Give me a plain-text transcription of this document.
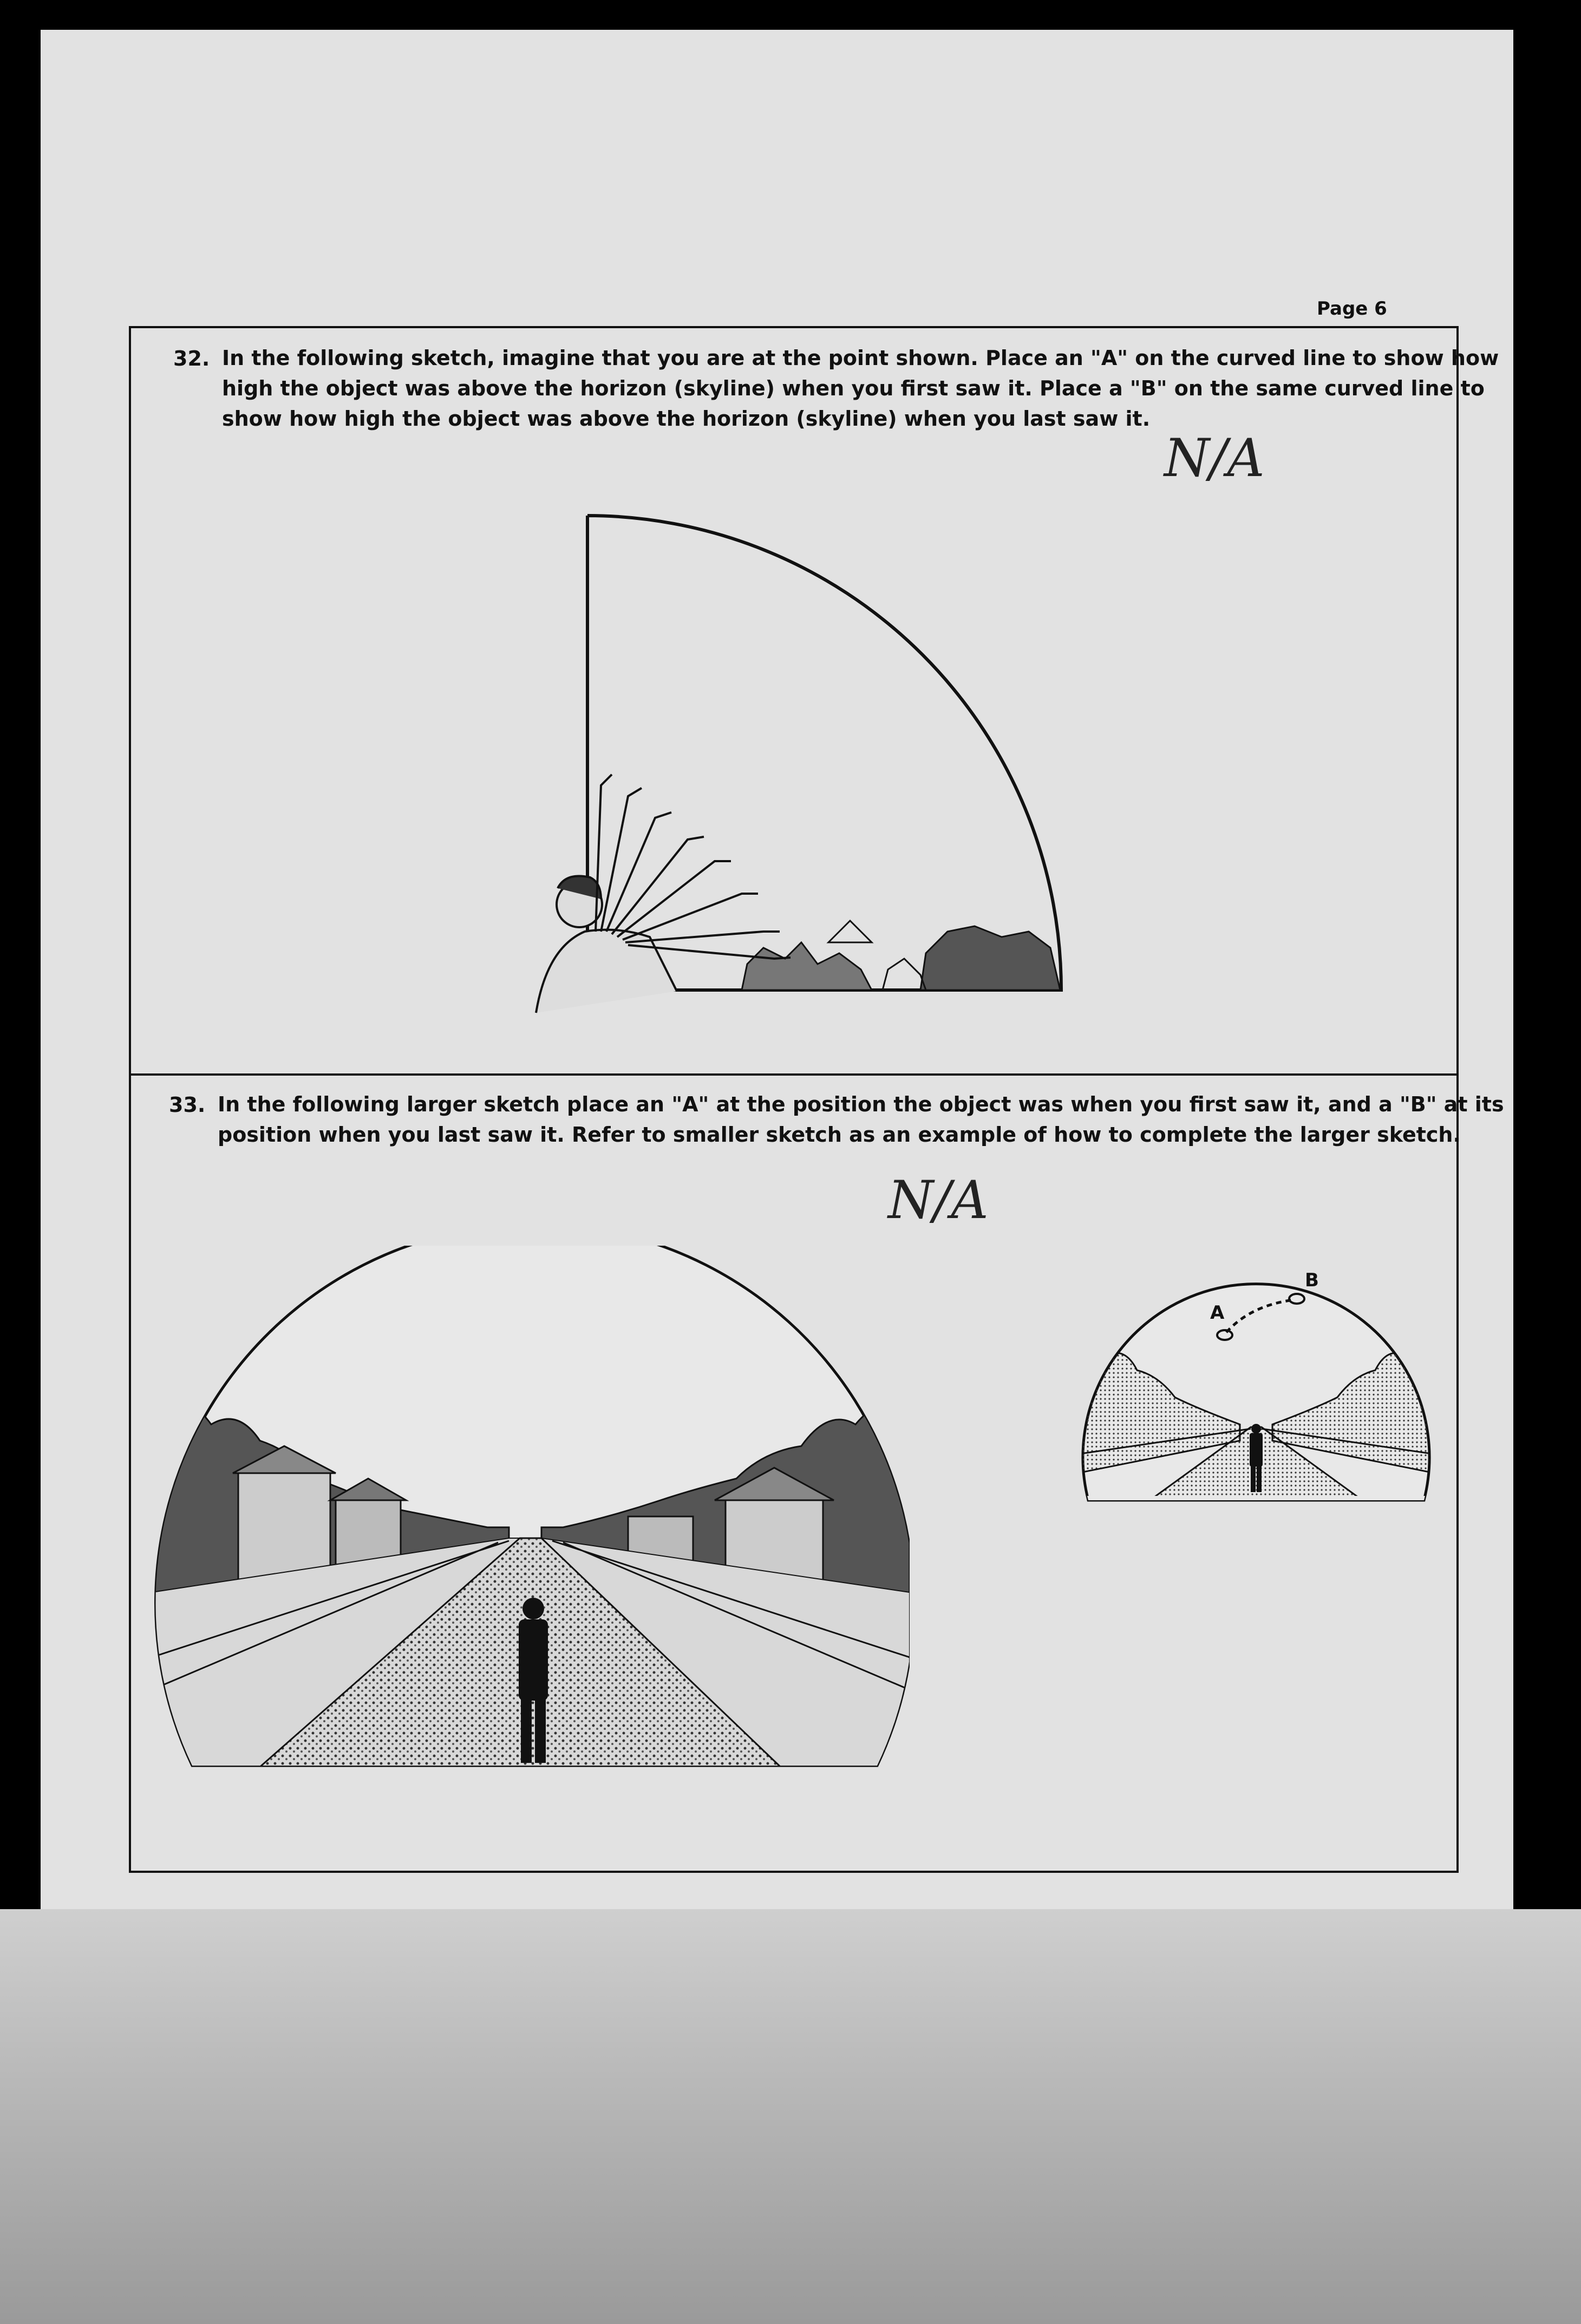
Page 6
32. In the following sketch, imagine that you are at the point shown. Place an "A" on the curved line to show how
high the object was above the horizon (skyline) when you first saw it. Place a "B" on the same curved line to
show how high the object was above the horizon (skyline) when you last saw it.
N/A
33. In the following larger sketch place an "A" at the position the object was when you first saw it, and a "B" at its
position when you last saw it. Refer to smaller sketch as an example of how to complete the larger sketch.
N/A
A
B
